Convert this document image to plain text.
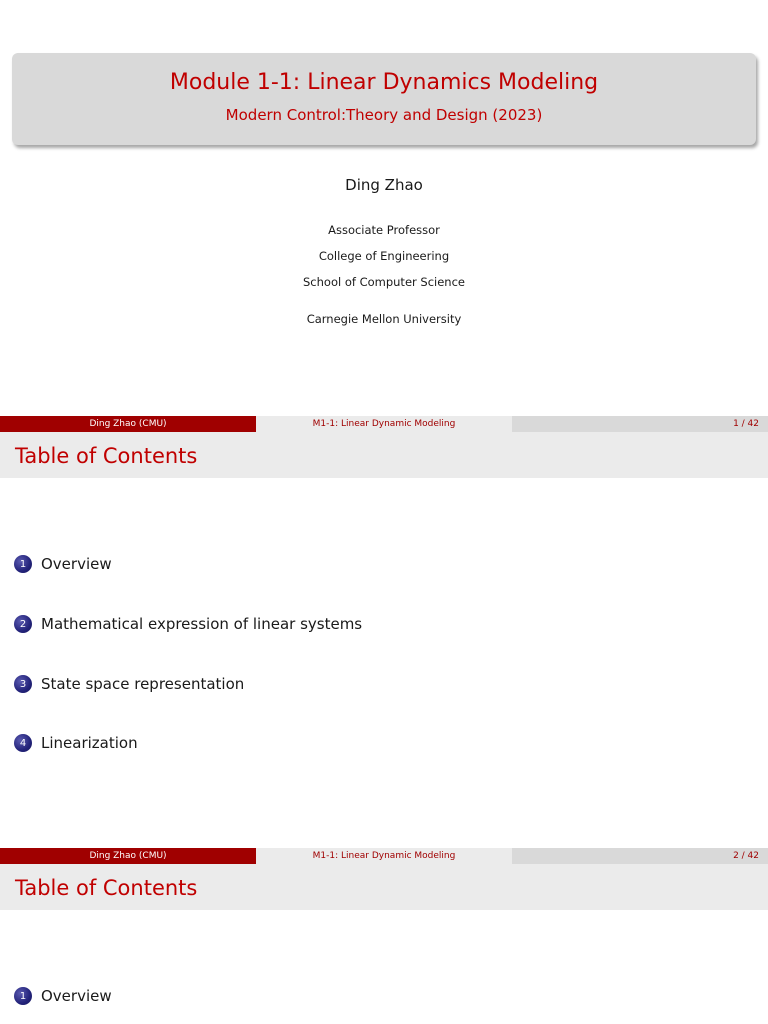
Module 1-1: Linear Dynamics Modeling
Modern Control:Theory and Design (2023)
Ding Zhao
Associate Professor
College of Engineering
School of Computer Science
Carnegie Mellon University
Ding Zhao (CMU)	M1-1: Linear Dynamic Modeling	1 / 42
Table of Contents
1 Overview
2 Mathematical expression of linear systems
3 State space representation
4 Linearization
Ding Zhao (CMU)	M1-1: Linear Dynamic Modeling	2 / 42
Table of Contents
1 Overview
